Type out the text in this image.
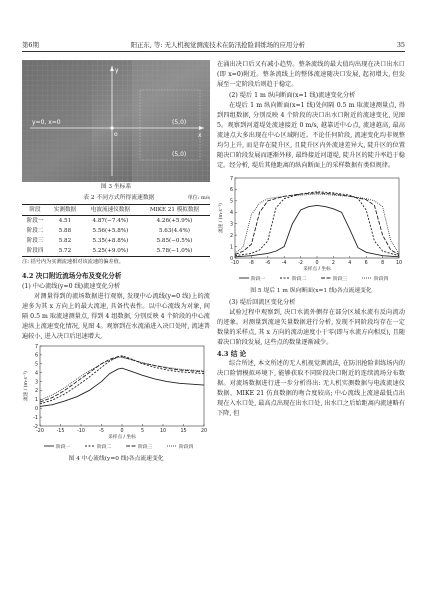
第6期	阳正东, 等: 无人机视觉测流技术在防汛抢险训练场的应用分析	35
y=0, x=0	(5,0)
(5,0)
x
y
o
图 3 坐标系
表 2 不同方式所得流速数据	单位: m/s
阶段	实测数据	电波流速仪数据	MIKE 21 模拟数据
阶段一	4.51	4.87(−7.4%)	4.26(+5.9%)
阶段二	5.88	5.56(+5.8%)	5.63(4.4%)
阶段三	5.82	5.35(+8.8%)	5.85(−0.5%)
阶段四	5.72	5.25(+9.0%)	5.78(−1.0%)
注: 括号内为实测流速相对该流速的偏差值。
4.2 决口附近流场分布及变化分析
(1) 中心流线(y=0 线)流速变化分析

对测量得到的流场数据进行观察, 发现中心流线(y=0 线)上的流速多为其 x 方向上的最大流速, 具备代表性。以中心流线为对象, 间隔 0.5 m 取流速测量点, 得到 4 组数据, 分别反映 4 个阶段的中心流速纵上流速变化情况, 见图 4。观察到在水流涌进入决口处时, 流速普遍较小, 进入决口后迅速增大,

-2
-1
0
1
2
3
4
5
6
7
-20	-15	-10	-5	0	5	10	15	20
流速 / (m·s⁻¹)
采样点 / 坐标
阶段一	阶段二	阶段三	阶段四
图 4 中心流线(y=0 线)各点流速变化

在涌出决口后又有减小趋势。整条流线的最大值均出现在决口出水口(即 x=0)附近。整条流线上的整体流速随决口发展, 起初增大, 但发展至一定阶段后则趋于稳定。

(2) 堤后 1 m 纵向断面(x=1 线)流速变化分析

在堤后 1 m 纵向断面(x=1 线)处间隔 0.5 m 取流速测量点, 得到四组数据, 分别反映 4 个阶段的决口出水口附近的流速变化, 见图 5。观察到河道堤处流速接近 0 m/s, 越靠近中心点, 流速越高, 最高流速点大多出现在中心区域附近。不论任何阶段, 流速变化均非规整均匀上升, 而是存在陡升区, 且陡升区内外流速差异大, 陡升区的位置随决口阶段发展而逐渐外移, 最终接近河道堤, 陡升区的陡升率趋于稳定。经分析, 堤后其他距离的纵向断面上的采样数据有类似规律。

0
1
2
3
4
5
6
7
-10 -8 -6 -4 -2	0	2	4	6	8 10
流速 / (m·s⁻¹)
采样点 / 坐标
阶段一	阶段二	阶段三	阶段四
图 5 堤后 1 m 纵向断面(x=1 线)各点流速变化
(3) 堤后回流区变化分析

试验过程中观察到, 决口水流外侧存在部分区域水流有反向流动的迹象。对测量到流速矢量数据进行分析, 发现不同阶段均存在一定数量的采样点, 其 x 方向的流动速度小于零(即与水流方向相反), 且随着决口阶段发展, 这些点的数量逐渐减少。

4.3 结 论

综合所述, 本文所述的无人机视觉测流法, 在防汛抢险训练场内的决口险情模拟环境下, 能够获取不同阶段决口附近的连续流场分布数据。对流场数据进行进一步分析得出: 无人机实测数据与电波流速仪数据、MIKE 21 仿真数据的吻合度较高; 中心流线上流速最低点出现在入水口处, 最高点出现在出水口处, 出水口之后始距离内流速略有下降, 但
